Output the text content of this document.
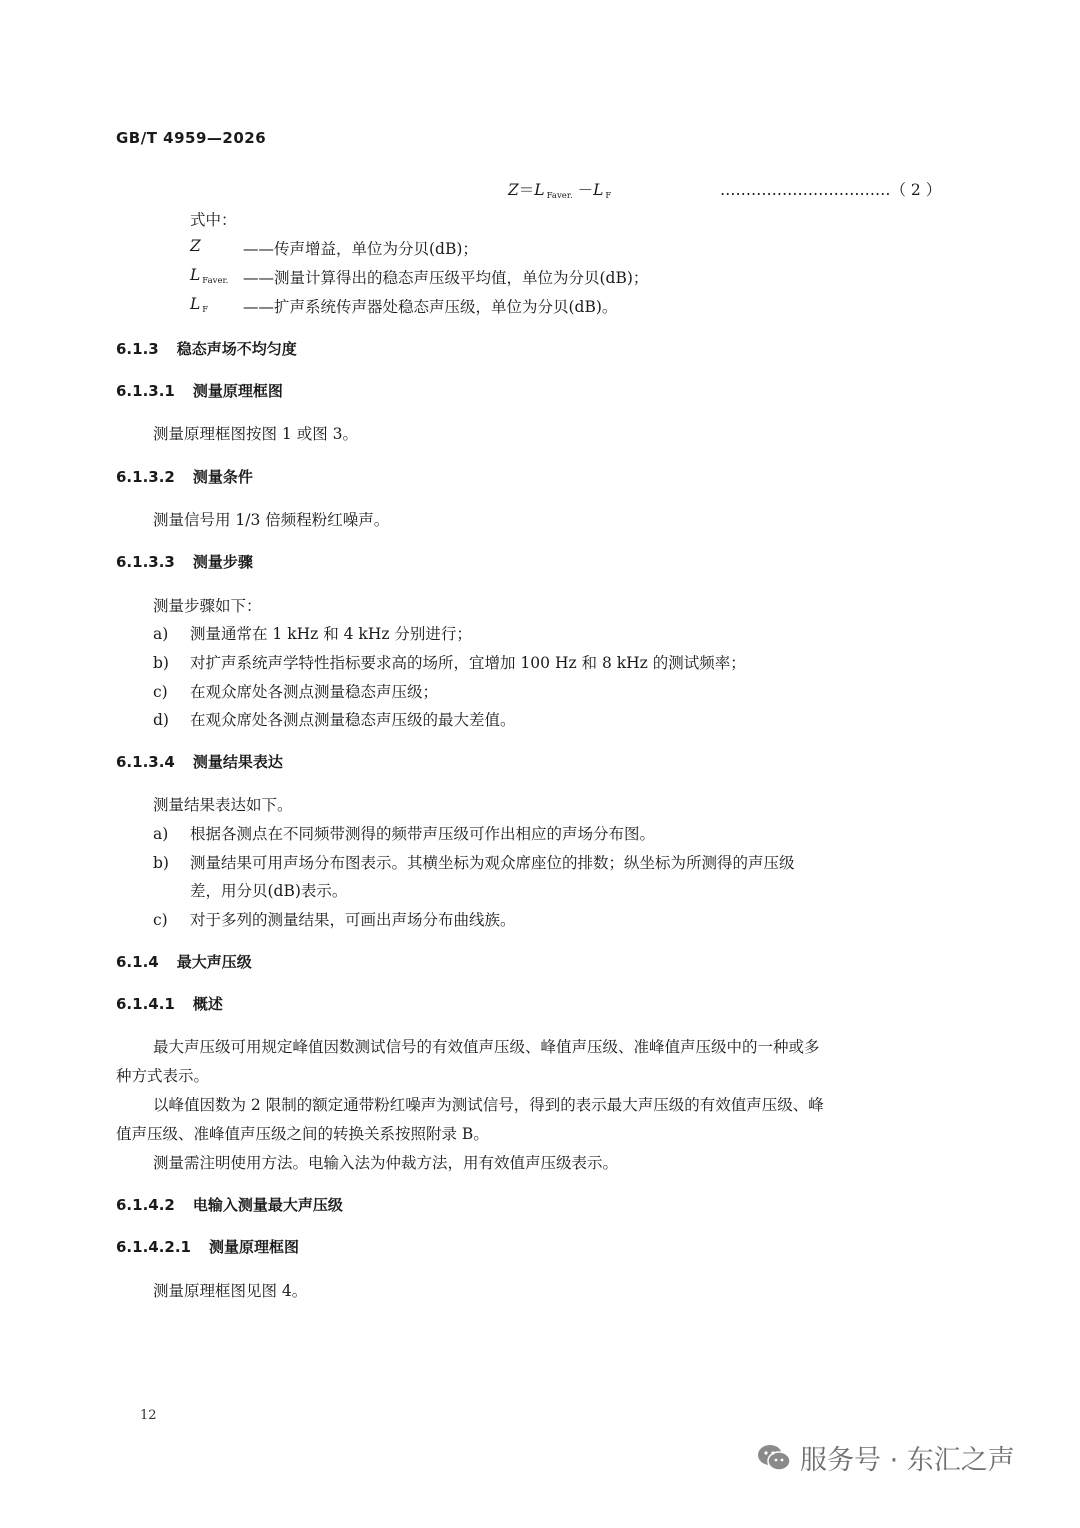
GB/T 4959—2026
Z＝L $_{Faver.}$ －L $_F$	……………………………（ 2 ）
式中：
Z	——传声增益，单位为分贝(dB)；
L $_{Faver.}$ ——测量计算得出的稳态声压级平均值，单位为分贝(dB)；
L $_F$ ——扩声系统传声器处稳态声压级，单位为分贝(dB)。
6.1.3 稳态声场不均匀度
6.1.3.1 测量原理框图
测量原理框图按图 1 或图 3。
6.1.3.2 测量条件
测量信号用 1/3 倍频程粉红噪声。
6.1.3.3 测量步骤
测量步骤如下：
a) 测量通常在 1 kHz 和 4 kHz 分别进行；
b) 对扩声系统声学特性指标要求高的场所，宜增加 100 Hz 和 8 kHz 的测试频率；
c) 在观众席处各测点测量稳态声压级；
d) 在观众席处各测点测量稳态声压级的最大差值。
6.1.3.4 测量结果表达
测量结果表达如下。
a) 根据各测点在不同频带测得的频带声压级可作出相应的声场分布图。
b) 测量结果可用声场分布图表示。其横坐标为观众席座位的排数；纵坐标为所测得的声压级
差，用分贝(dB)表示。
c) 对于多列的测量结果，可画出声场分布曲线族。
6.1.4 最大声压级
6.1.4.1 概述
最大声压级可用规定峰值因数测试信号的有效值声压级、峰值声压级、准峰值声压级中的一种或多
种方式表示。
以峰值因数为 2 限制的额定通带粉红噪声为测试信号，得到的表示最大声压级的有效值声压级、峰
值声压级、准峰值声压级之间的转换关系按照附录 B。
测量需注明使用方法。电输入法为仲裁方法，用有效值声压级表示。
6.1.4.2 电输入测量最大声压级
6.1.4.2.1 测量原理框图
测量原理框图见图 4。
12
服务号 · 东汇之声
